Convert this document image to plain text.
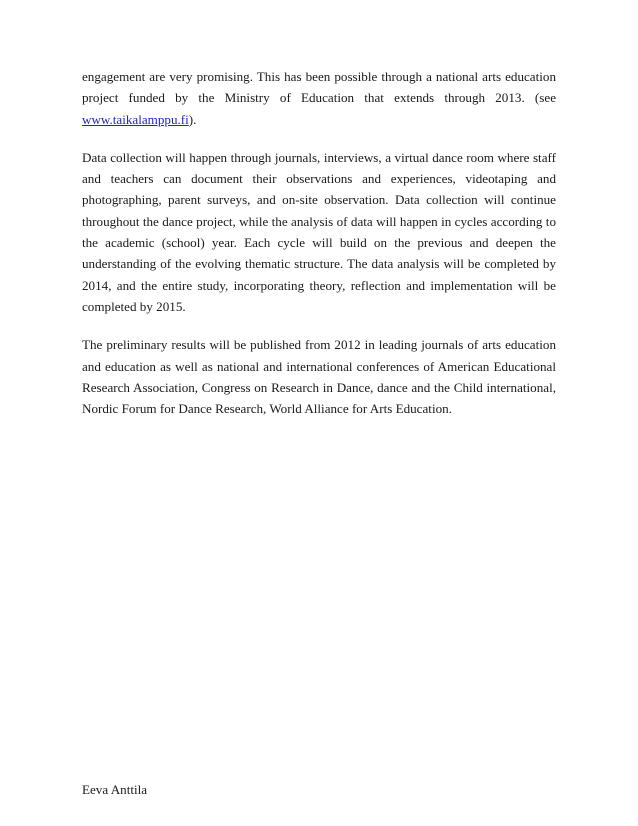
engagement are very promising. This has been possible through a national arts education project funded by the Ministry of Education that extends through 2013. (see www.taikalamppu.fi).

Data collection will happen through journals, interviews, a virtual dance room where staff and teachers can document their observations and experiences, videotaping and photographing, parent surveys, and on-site observation. Data collection will continue throughout the dance project, while the analysis of data will happen in cycles according to the academic (school) year. Each cycle will build on the previous and deepen the understanding of the evolving thematic structure. The data analysis will be completed by 2014, and the entire study, incorporating theory, reflection and implementation will be completed by 2015.

The preliminary results will be published from 2012 in leading journals of arts education and education as well as national and international conferences of American Educational Research Association, Congress on Research in Dance, dance and the Child international, Nordic Forum for Dance Research, World Alliance for Arts Education.

Eeva Anttila
